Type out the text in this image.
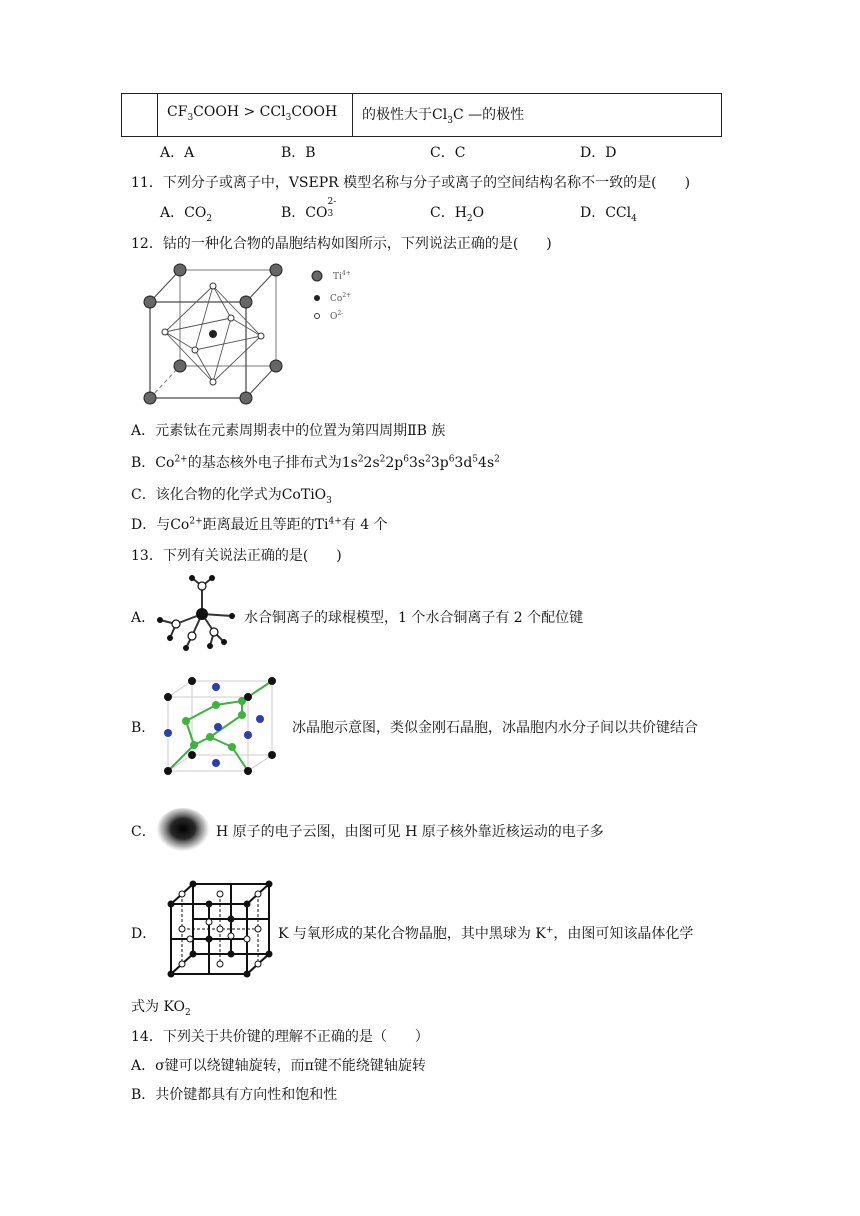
$CF_3COOH$ > CCl$_3$COOH 的极性大于$Cl_3C$ —的极性
A．A	B．B	C．C	D．D
11．下列分子或离子中，VSEPR 模型名称与分子或离子的空间结构名称不一致的是(　　)
A．$CO_2$	B．CO
2-
3	C．$H_2O$	D．CCl$_4$
12．钴的一种化合物的晶胞结构如图所示，下列说法正确的是(　　)
$Ti^{4+}$
$Co^{2+}$
$O^{2-}$
A．元素钛在元素周期表中的位置为第四周期ⅡB 族
B．$Co^{2+}$的基态核外电子排布式为$1s^22s^22p^63s^23p^63d^54s^2$
C．该化合物的化学式为CoTiO$_3$
D．与$Co^{2+}$距离最近且等距的$Ti^{4+}$有 4 个
13．下列有关说法正确的是(　　)
A．	水合铜离子的球棍模型，1 个水合铜离子有 2 个配位键
B．	冰晶胞示意图，类似金刚石晶胞，冰晶胞内水分子间以共价键结合
C．	H 原子的电子云图，由图可见 H 原子核外靠近核运动的电子多
D．	K 与氧形成的某化合物晶胞，其中黑球为 K+，由图可知该晶体化学
式为 $KO_2$
14．下列关于共价键的理解不正确的是（　　）
A．σ键可以绕键轴旋转，而π键不能绕键轴旋转
B．共价键都具有方向性和饱和性
